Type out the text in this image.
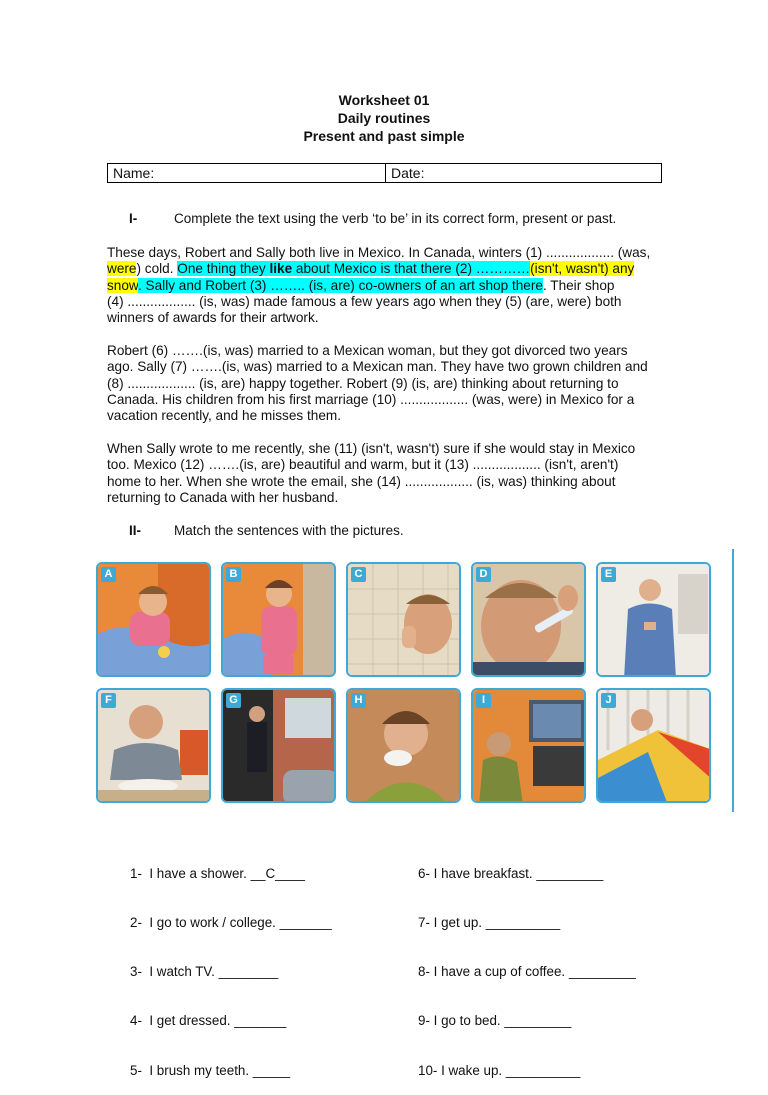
Worksheet 01
Daily routines
Present and past simple
Name:	Date:
I-	Complete the text using the verb ‘to be’ in its correct form, present or past.
These days, Robert and Sally both live in Mexico. In Canada, winters (1) .................. (was,
were) cold. One thing they like about Mexico is that there (2) …………(isn't, wasn't) any
snow. Sally and Robert (3) …….. (is, are) co-owners of an art shop there. Their shop
(4) .................. (is, was) made famous a few years ago when they (5) (are, were) both
winners of awards for their artwork.
Robert (6) …….(is, was) married to a Mexican woman, but they got divorced two years
ago. Sally (7) …….(is, was) married to a Mexican man. They have two grown children and
(8) .................. (is, are) happy together. Robert (9) (is, are) thinking about returning to
Canada. His children from his first marriage (10) .................. (was, were) in Mexico for a
vacation recently, and he misses them.
When Sally wrote to me recently, she (11) (isn't, wasn't) sure if she would stay in Mexico
too. Mexico (12) …….(is, are) beautiful and warm, but it (13) .................. (isn't, aren't)
home to her. When she wrote the email, she (14) .................. (is, was) thinking about
returning to Canada with her husband.
II- Match the sentences with the pictures.
A	B	C	D	E
F	G	H	I	J

1-  I have a shower. __C____

2-  I go to work / college. _______

3-  I watch TV. ________

4-  I get dressed. _______

5-  I brush my teeth. _____

6- I have breakfast. _________

7- I get up. __________

8- I have a cup of coffee. _________

9- I go to bed. _________

10- I wake up. __________
